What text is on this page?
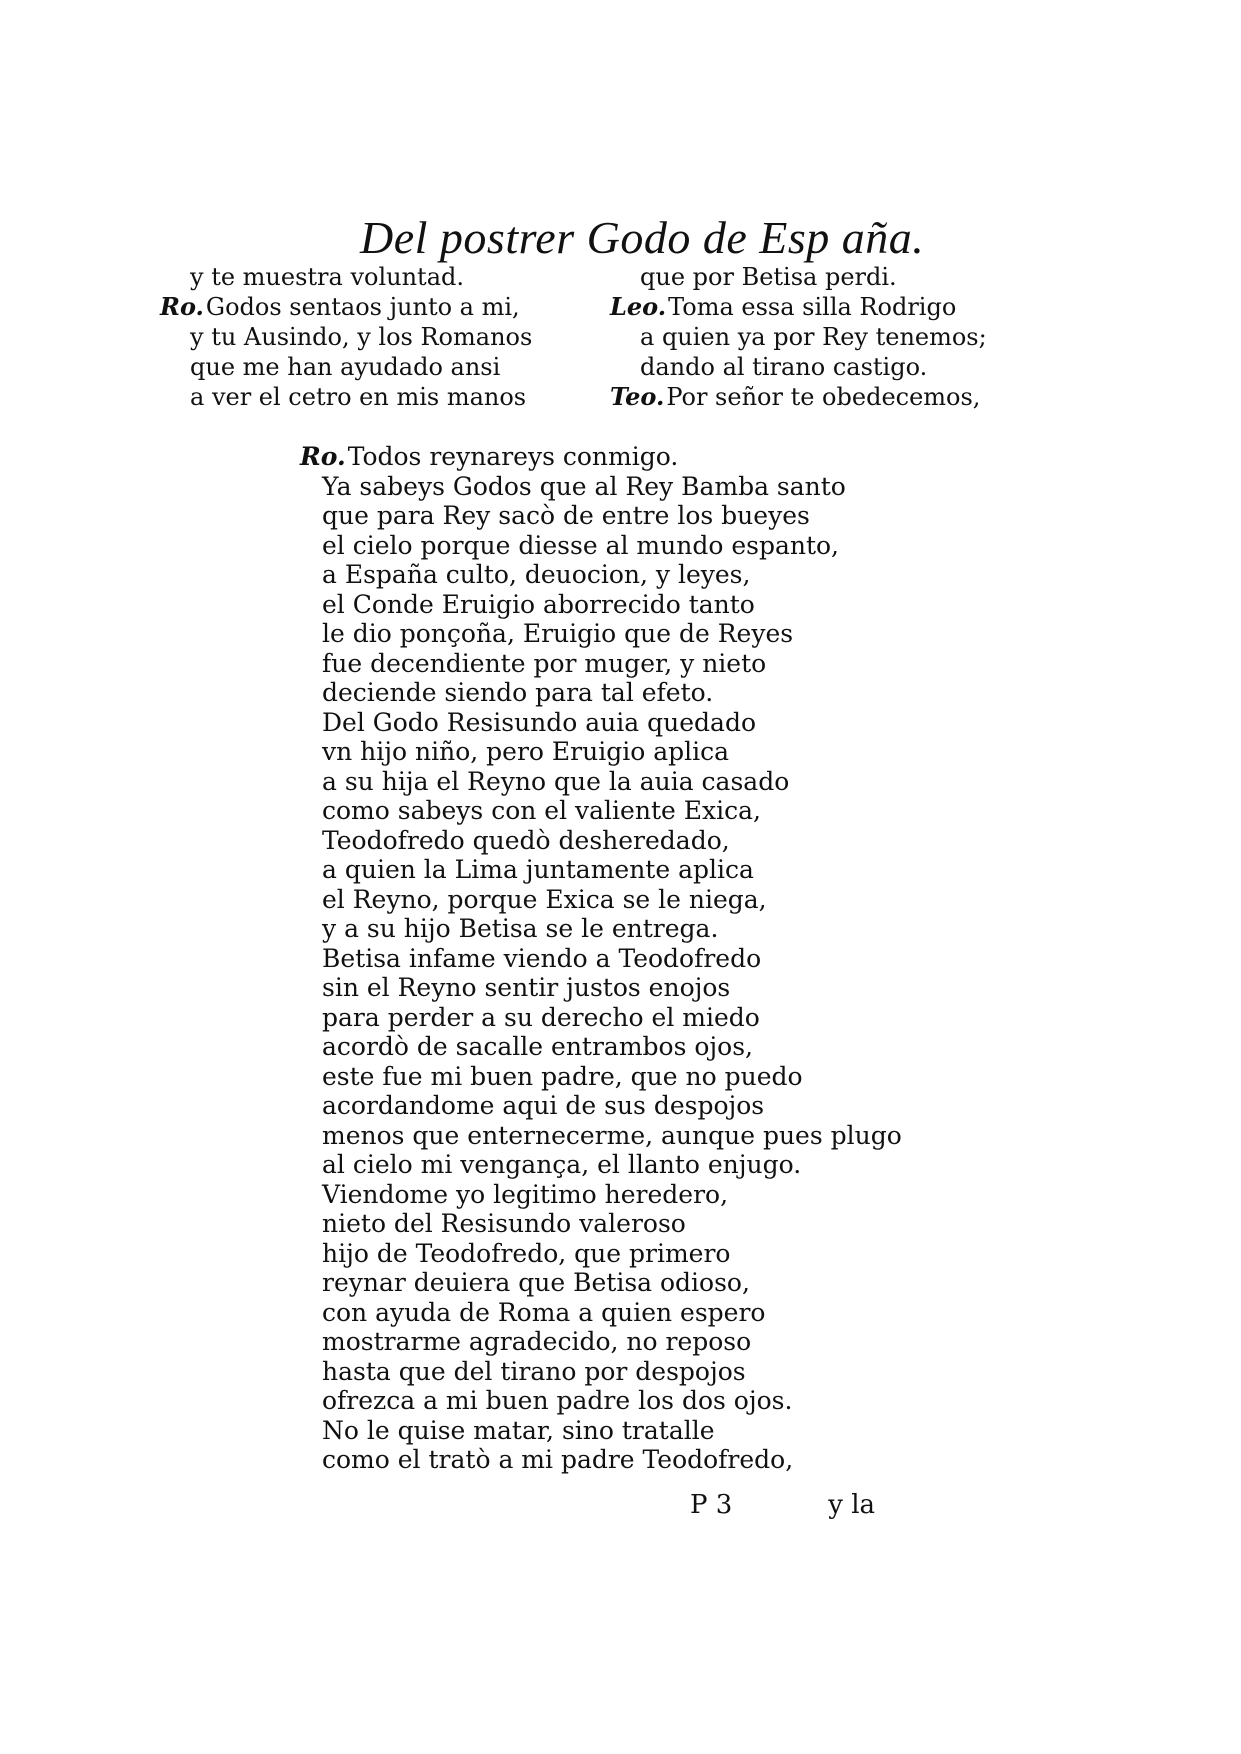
Del postrer Godo de Esp aña.
y te muestra voluntad.
Ro.Godos sentaos junto a mi,
y tu Ausindo, y los Romanos
que me han ayudado ansi
a ver el cetro en mis manos
que por Betisa perdi.
Leo.Toma essa silla Rodrigo
a quien ya por Rey tenemos;
dando al tirano castigo.
Teo.Por señor te obedecemos,
Ro.Todos reynareys conmigo.
Ya sabeys Godos que al Rey Bamba santo
que para Rey sacò de entre los bueyes
el cielo porque diesse al mundo espanto,
a España culto, deuocion, y leyes,
el Conde Eruigio aborrecido tanto
le dio ponçoña, Eruigio que de Reyes
fue decendiente por muger, y nieto
deciende siendo para tal efeto.
Del Godo Resisundo auia quedado
vn hijo niño, pero Eruigio aplica
a su hija el Reyno que la auia casado
como sabeys con el valiente Exica,
Teodofredo quedò desheredado,
a quien la Lima juntamente aplica
el Reyno, porque Exica se le niega,
y a su hijo Betisa se le entrega.
Betisa infame viendo a Teodofredo
sin el Reyno sentir justos enojos
para perder a su derecho el miedo
acordò de sacalle entrambos ojos,
este fue mi buen padre, que no puedo
acordandome aqui de sus despojos
menos que enternecerme, aunque pues plugo
al cielo mi vengança, el llanto enjugo.
Viendome yo legitimo heredero,
nieto del Resisundo valeroso
hijo de Teodofredo, que primero
reynar deuiera que Betisa odioso,
con ayuda de Roma a quien espero
mostrarme agradecido, no reposo
hasta que del tirano por despojos
ofrezca a mi buen padre los dos ojos.
No le quise matar, sino tratalle
como el tratò a mi padre Teodofredo,
P 3	y la
